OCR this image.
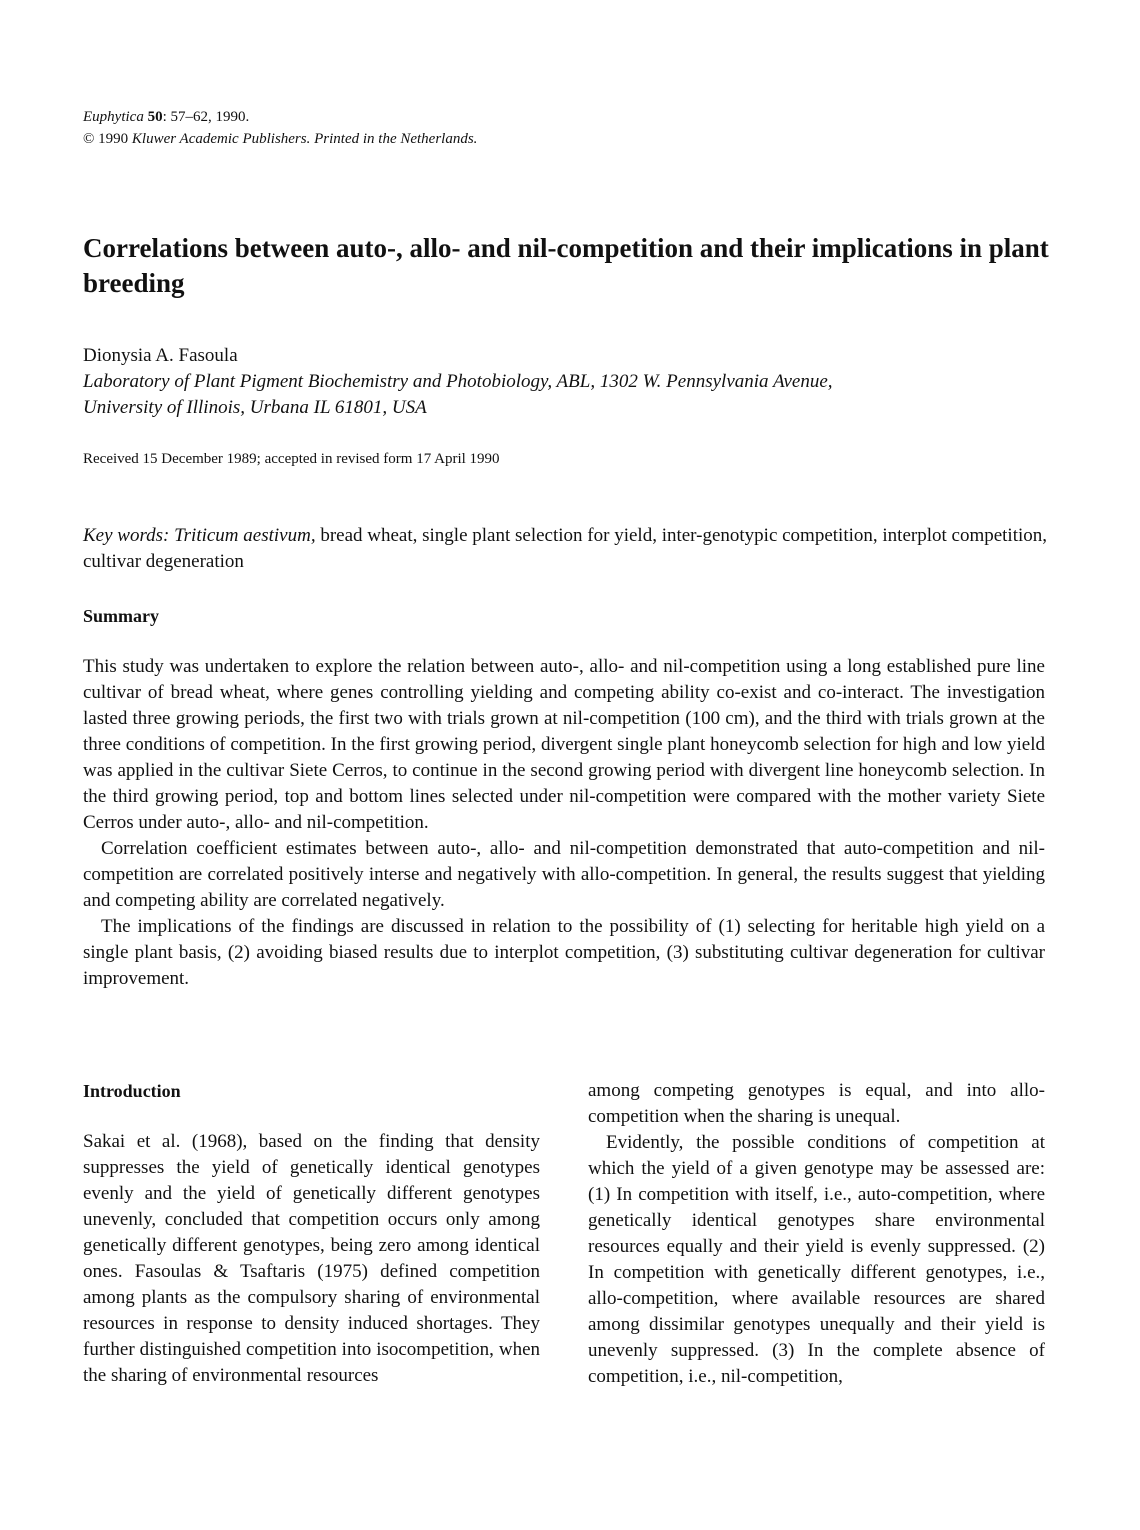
Euphytica 50: 57–62, 1990.
© 1990 Kluwer Academic Publishers. Printed in the Netherlands.
Correlations between auto-, allo- and nil-competition and their implications in plant breeding
Dionysia A. Fasoula
Laboratory of Plant Pigment Biochemistry and Photobiology, ABL, 1302 W. Pennsylvania Avenue,
University of Illinois, Urbana IL 61801, USA
Received 15 December 1989; accepted in revised form 17 April 1990
Key words: Triticum aestivum, bread wheat, single plant selection for yield, inter-genotypic competition, interplot competition, cultivar degeneration
Summary

This study was undertaken to explore the relation between auto-, allo- and nil-competition using a long established pure line cultivar of bread wheat, where genes controlling yielding and competing ability co-exist and co-interact. The investigation lasted three growing periods, the first two with trials grown at nil-competition (100 cm), and the third with trials grown at the three conditions of competition. In the first growing period, divergent single plant honeycomb selection for high and low yield was applied in the cultivar Siete Cerros, to continue in the second growing period with divergent line honeycomb selection. In the third growing period, top and bottom lines selected under nil-competition were compared with the mother variety Siete Cerros under auto-, allo- and nil-competition.

Correlation coefficient estimates between auto-, allo- and nil-competition demonstrated that auto-competition and nil-competition are correlated positively interse and negatively with allo-competition. In general, the results suggest that yielding and competing ability are correlated negatively.

The implications of the findings are discussed in relation to the possibility of (1) selecting for heritable high yield on a single plant basis, (2) avoiding biased results due to interplot competition, (3) substituting cultivar degeneration for cultivar improvement.

Introduction

Sakai et al. (1968), based on the finding that density suppresses the yield of genetically identical genotypes evenly and the yield of genetically different genotypes unevenly, concluded that competition occurs only among genetically different genotypes, being zero among identical ones. Fasoulas & Tsaftaris (1975) defined competition among plants as the compulsory sharing of environmental resources in response to density induced shortages. They further distinguished competition into isocompetition, when the sharing of environmental resources

among competing genotypes is equal, and into allo-competition when the sharing is unequal.

Evidently, the possible conditions of competition at which the yield of a given genotype may be assessed are: (1) In competition with itself, i.e., auto-competition, where genetically identical genotypes share environmental resources equally and their yield is evenly suppressed. (2) In competition with genetically different genotypes, i.e., allo-competition, where available resources are shared among dissimilar genotypes unequally and their yield is unevenly suppressed. (3) In the complete absence of competition, i.e., nil-competition,
